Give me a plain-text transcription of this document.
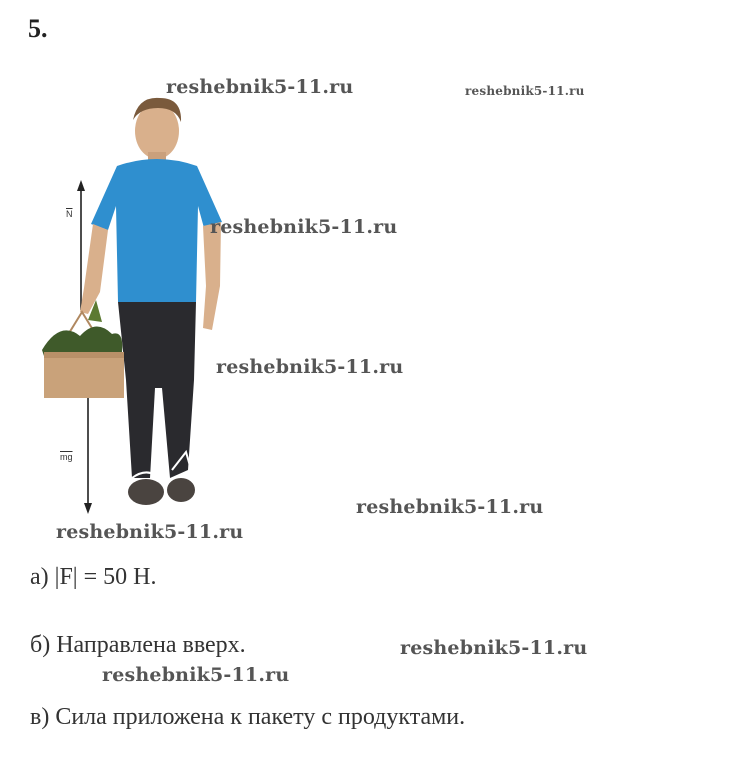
5.
$\overline{N}$
$\overline{mg}$
reshebnik5-11.ru	reshebnik5-11.ru
reshebnik5-11.ru
reshebnik5-11.ru
reshebnik5-11.ru
reshebnik5-11.ru
reshebnik5-11.ru
reshebnik5-11.ru
а) |F| = 50 Н.
б) Направлена вверх.
в) Сила приложена к пакету с продуктами.
